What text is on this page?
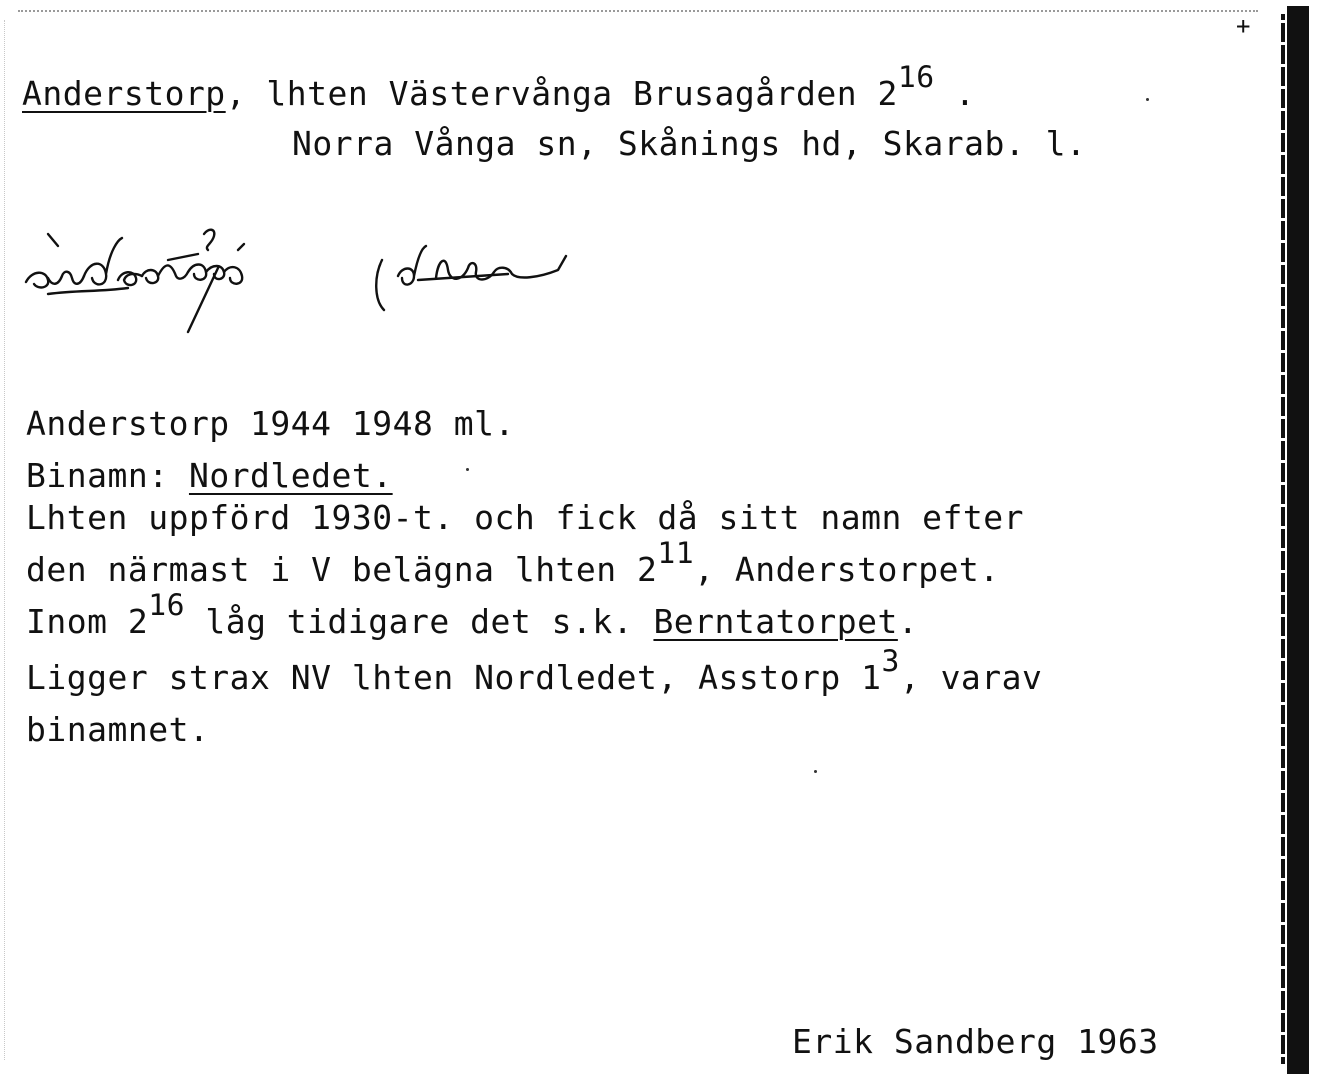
+
Anderstorp, lhten Västervånga Brusagården 216 .
Norra Vånga sn, Skånings hd, Skarab. l.
Anderstorp 1944 1948 ml.
Binamn: Nordledet.
Lhten uppförd 1930-t. och fick då sitt namn efter
den närmast i V belägna lhten 211, Anderstorpet.
Inom 216 låg tidigare det s.k. Berntatorpet.
Ligger strax NV lhten Nordledet, Asstorp 13, varav
binamnet.
Erik Sandberg 1963
